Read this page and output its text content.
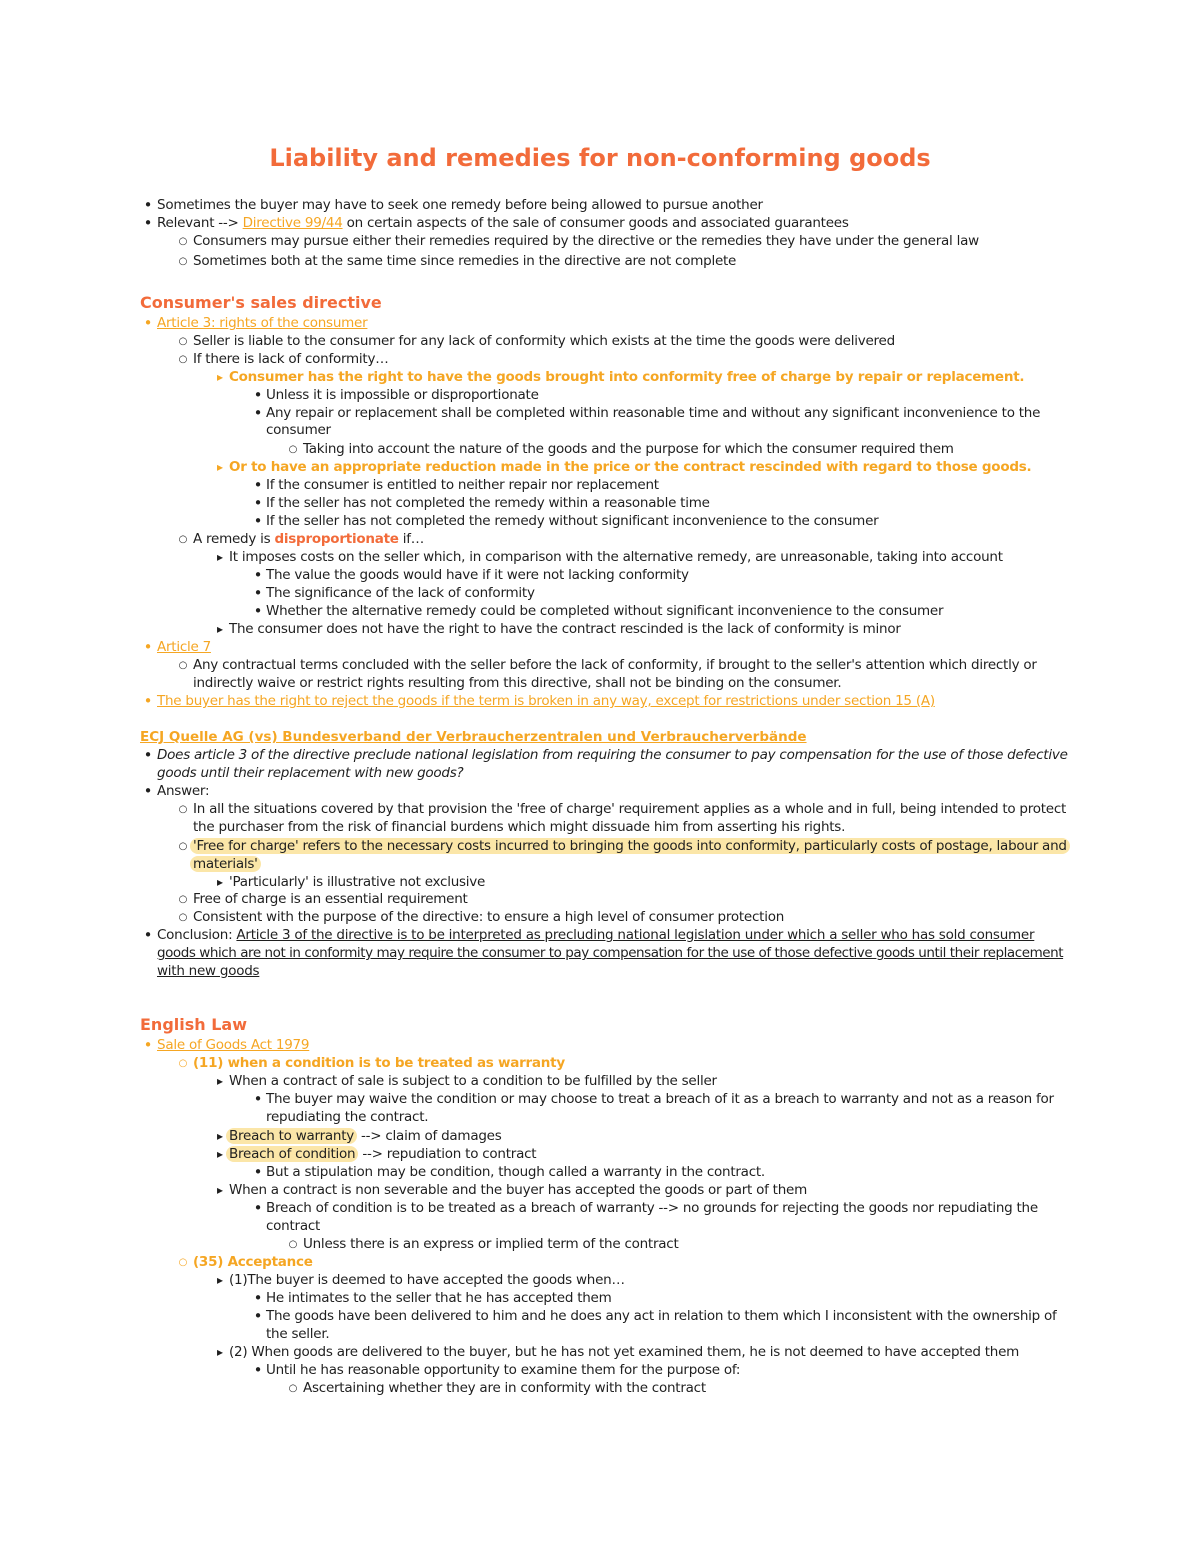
Liability and remedies for non-conforming goods
•
Sometimes the buyer may have to seek one remedy before being allowed to pursue another
•
Relevant --> Directive 99/44 on certain aspects of the sale of consumer goods and associated guarantees
○
Consumers may pursue either their remedies required by the directive or the remedies they have under the general law
○
Sometimes both at the same time since remedies in the directive are not complete
Consumer's sales directive
•
Article 3: rights of the consumer
○
Seller is liable to the consumer for any lack of conformity which exists at the time the goods were delivered
○
If there is lack of conformity…
▸
Consumer has the right to have the goods brought into conformity free of charge by repair or replacement.
•
Unless it is impossible or disproportionate
•
Any repair or replacement shall be completed within reasonable time and without any significant inconvenience to the
consumer
○
Taking into account the nature of the goods and the purpose for which the consumer required them
▸
Or to have an appropriate reduction made in the price or the contract rescinded with regard to those goods.
•
If the consumer is entitled to neither repair nor replacement
•
If the seller has not completed the remedy within a reasonable time
•
If the seller has not completed the remedy without significant inconvenience to the consumer
○
A remedy is disproportionate if…
▸
It imposes costs on the seller which, in comparison with the alternative remedy, are unreasonable, taking into account
•
The value the goods would have if it were not lacking conformity
•
The significance of the lack of conformity
•
Whether the alternative remedy could be completed without significant inconvenience to the consumer
▸
The consumer does not have the right to have the contract rescinded is the lack of conformity is minor
•
Article 7
○
Any contractual terms concluded with the seller before the lack of conformity, if brought to the seller's attention which directly or
indirectly waive or restrict rights resulting from this directive, shall not be binding on the consumer.
•
The buyer has the right to reject the goods if the term is broken in any way, except for restrictions under section 15 (A)
ECJ Quelle AG (vs) Bundesverband der Verbraucherzentralen und Verbraucherverbände
•
Does article 3 of the directive preclude national legislation from requiring the consumer to pay compensation for the use of those defective
goods until their replacement with new goods?
•
Answer:
○
In all the situations covered by that provision the 'free of charge' requirement applies as a whole and in full, being intended to protect
the purchaser from the risk of financial burdens which might dissuade him from asserting his rights.
○
'Free for charge' refers to the necessary costs incurred to bringing the goods into conformity, particularly costs of postage, labour and
materials'
▸
'Particularly' is illustrative not exclusive
○
Free of charge is an essential requirement
○
Consistent with the purpose of the directive: to ensure a high level of consumer protection
•
Conclusion: Article 3 of the directive is to be interpreted as precluding national legislation under which a seller who has sold consumer
goods which are not in conformity may require the consumer to pay compensation for the use of those defective goods until their replacement
with new goods
English Law
•
Sale of Goods Act 1979
○
(11) when a condition is to be treated as warranty
▸
When a contract of sale is subject to a condition to be fulfilled by the seller
•
The buyer may waive the condition or may choose to treat a breach of it as a breach to warranty and not as a reason for
repudiating the contract.
▸
Breach to warranty --> claim of damages
▸
Breach of condition --> repudiation to contract
•
But a stipulation may be condition, though called a warranty in the contract.
▸
When a contract is non severable and the buyer has accepted the goods or part of them
•
Breach of condition is to be treated as a breach of warranty --> no grounds for rejecting the goods nor repudiating the
contract
○
Unless there is an express or implied term of the contract
○
(35) Acceptance
▸
(1)The buyer is deemed to have accepted the goods when…
•
He intimates to the seller that he has accepted them
•
The goods have been delivered to him and he does any act in relation to them which I inconsistent with the ownership of
the seller.
▸
(2) When goods are delivered to the buyer, but he has not yet examined them, he is not deemed to have accepted them
•
Until he has reasonable opportunity to examine them for the purpose of:
○
Ascertaining whether they are in conformity with the contract
